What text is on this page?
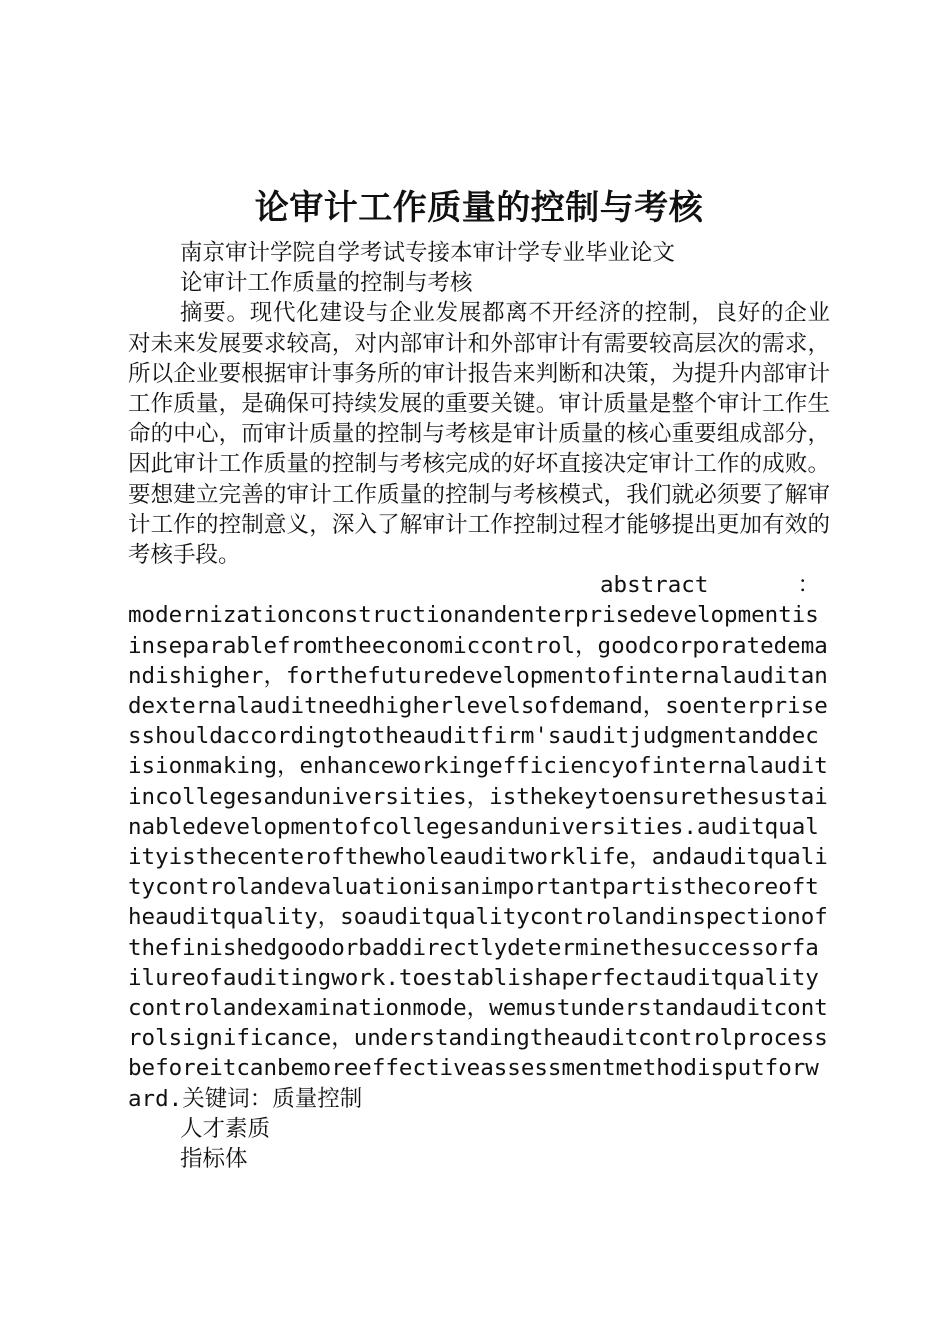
论审计工作质量的控制与考核

南京审计学院自学考试专接本审计学专业毕业论文

论审计工作质量的控制与考核

摘要。现代化建设与企业发展都离不开经济的控制，良好的企业对未来发展要求较高，对内部审计和外部审计有需要较高层次的需求，所以企业要根据审计事务所的审计报告来判断和决策，为提升内部审计工作质量，是确保可持续发展的重要关键。审计质量是整个审计工作生命的中心，而审计质量的控制与考核是审计质量的核心重要组成部分，因此审计工作质量的控制与考核完成的好坏直接决定审计工作的成败。要想建立完善的审计工作质量的控制与考核模式，我们就必须要了解审计工作的控制意义，深入了解审计工作控制过程才能够提出更加有效的考核手段。

abstract	：
modernizationconstructionandenterprisedevelopmentisinseparablefromtheeconomiccontrol，goodcorporatedemandishigher，forthefuturedevelopmentofinternalauditandexternalauditneedhigherlevelsofdemand，soenterprisesshouldaccordingtotheauditfirm'sauditjudgmentanddecisionmaking，enhanceworkingefficiencyofinternalauditincollegesanduniversities，isthekeytoensurethesustainabledevelopmentofcollegesanduniversities.auditqualityisthecenterofthewholeauditworklife，andauditqualitycontrolandevaluationisanimportantpartisthecoreoftheauditquality，soauditqualitycontrolandinspectionofthefinishedgoodorbaddirectlydeterminethesuccessorfailureofauditingwork.toestablishaperfectauditqualitycontrolandexaminationmode，wemustunderstandauditcontrolsignificance，understandingtheauditcontrolprocessbeforeitcanbemoreeffectiveassessmentmethodisputforward.关键词：质量控制

人才素质

指标体
